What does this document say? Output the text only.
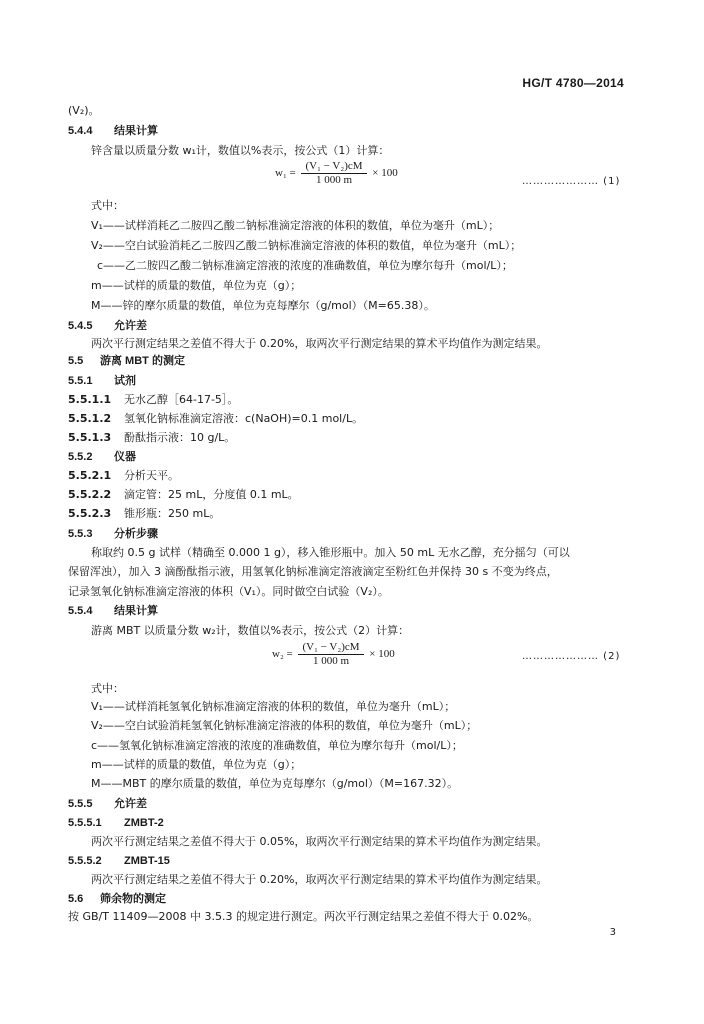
HG/T 4780—2014
(V₂)。
5.4.4 结果计算
锌含量以质量分数 w₁计，数值以%表示，按公式（1）计算：
式中：
V₁——试样消耗乙二胺四乙酸二钠标准滴定溶液的体积的数值，单位为毫升（mL）；
V₂——空白试验消耗乙二胺四乙酸二钠标准滴定溶液的体积的数值，单位为毫升（mL）；
c——乙二胺四乙酸二钠标准滴定溶液的浓度的准确数值，单位为摩尔每升（mol/L）；
m——试样的质量的数值，单位为克（g）；
M——锌的摩尔质量的数值，单位为克每摩尔（g/mol）（M=65.38）。
5.4.5 允许差
两次平行测定结果之差值不得大于 0.20%，取两次平行测定结果的算术平均值作为测定结果。
5.5 游离 MBT 的测定
5.5.1 试剂
5.5.1.1 无水乙醇［64-17-5］。
5.5.1.2 氢氧化钠标准滴定溶液：c(NaOH)=0.1 mol/L。
5.5.1.3 酚酞指示液：10 g/L。
5.5.2 仪器
5.5.2.1 分析天平。
5.5.2.2 滴定管：25 mL，分度值 0.1 mL。
5.5.2.3 锥形瓶：250 mL。
5.5.3 分析步骤
称取约 0.5 g 试样（精确至 0.000 1 g），移入锥形瓶中。加入 50 mL 无水乙醇，充分摇匀（可以
保留浑浊），加入 3 滴酚酞指示液，用氢氧化钠标准滴定溶液滴定至粉红色并保持 30 s 不变为终点，
记录氢氧化钠标准滴定溶液的体积（V₁）。同时做空白试验（V₂）。
5.5.4 结果计算
游离 MBT 以质量分数 w₂计，数值以%表示，按公式（2）计算：
式中：
V₁——试样消耗氢氧化钠标准滴定溶液的体积的数值，单位为毫升（mL）；
V₂——空白试验消耗氢氧化钠标准滴定溶液的体积的数值，单位为毫升（mL）；
c——氢氧化钠标准滴定溶液的浓度的准确数值，单位为摩尔每升（mol/L）；
m——试样的质量的数值，单位为克（g）；
M——MBT 的摩尔质量的数值，单位为克每摩尔（g/mol）（M=167.32）。
5.5.5 允许差
5.5.5.1 ZMBT-2
两次平行测定结果之差值不得大于 0.05%，取两次平行测定结果的算术平均值作为测定结果。
5.5.5.2 ZMBT-15
两次平行测定结果之差值不得大于 0.20%，取两次平行测定结果的算术平均值作为测定结果。
5.6 筛余物的测定
按 GB/T 11409—2008 中 3.5.3 的规定进行测定。两次平行测定结果之差值不得大于 0.02%。
$w_1 = \frac{\text{(V₁ − V₂)cM}}{1 000 m} \times 100$
………………… (1)
$w_2 = \frac{\text{(V₁ − V₂)cM}}{1 000 m} \times 100$	………………… (2)
3
